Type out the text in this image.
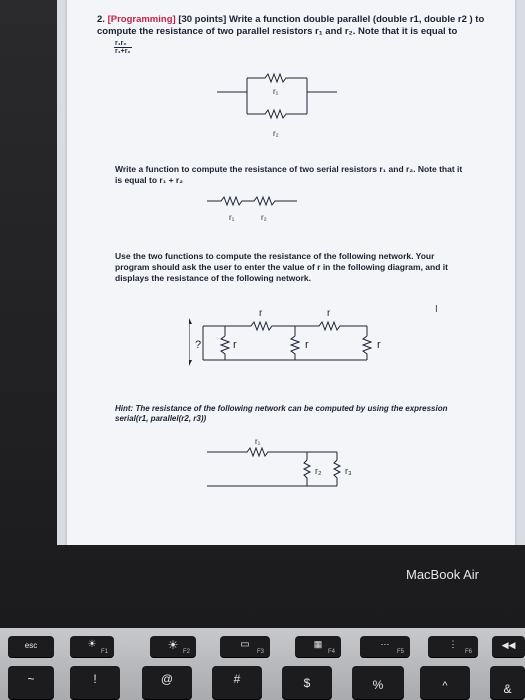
2. [Programming] [30 points] Write a function double parallel (double r1, double r2 ) to compute the resistance of two parallel resistors r₁ and r₂. Note that it is equal to
$\frac{\text{r₁r₂}}{\text{r₁+r₂}}$
r₁
r₂
Write a function to compute the resistance of two serial resistors r₁ and r₂. Note that it is equal to r₁ + r₂
r₁	r₂
Use the two functions to compute the resistance of the following network. Your program should ask the user to enter the value of r in the following diagram, and it displays the resistance of the following network.
r	r
r	r	r
?
I
Hint: The resistance of the following network can be computed by using the expression serial(r1, parallel(r2, r3))
r₁
r₂	r₃
MacBook Air
esc	☀
F1	☀ F2
▭
F3
▦
F4
⋯
F5
⋮
F6
◀◀
~	!	@	#	$	%	^	&
